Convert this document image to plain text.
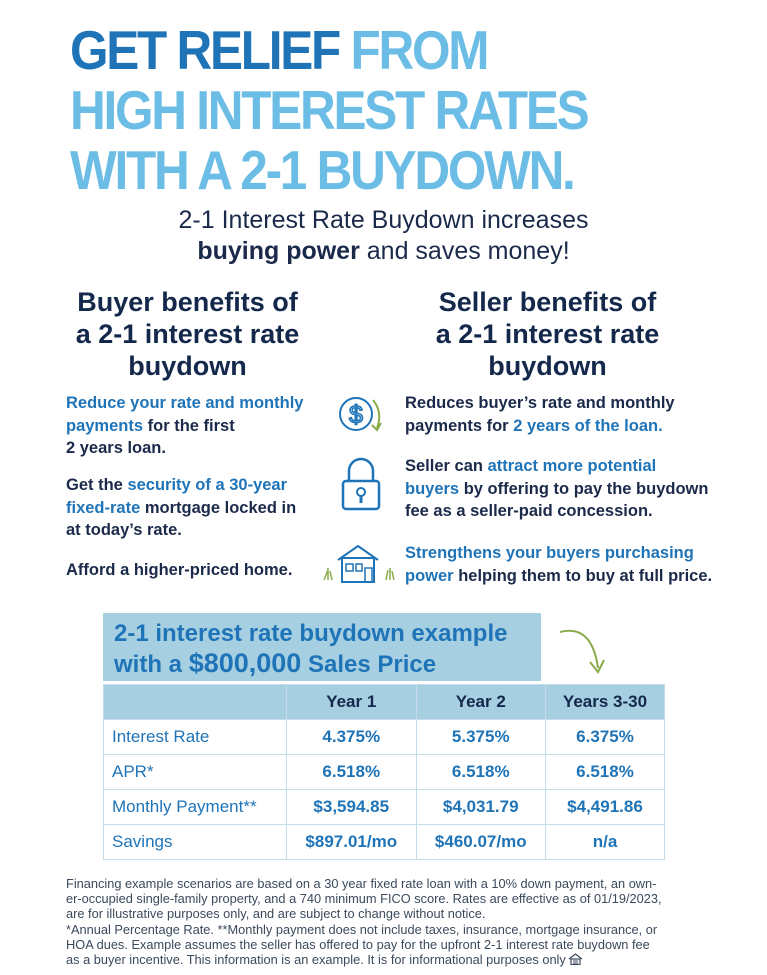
GET RELIEF FROM
HIGH INTEREST RATES
WITH A 2-1 BUYDOWN.
2-1 Interest Rate Buydown increases
buying power and saves money!
Buyer benefits of
a 2-1 interest rate
buydown
Seller benefits of
a 2-1 interest rate
buydown
Reduce your rate and monthly
payments for the first
2 years loan.
Get the security of a 30-year
fixed-rate mortgage locked in
at today’s rate.
Afford a higher-priced home.
$	Reduces buyer’s rate and monthly
payments for 2 years of the loan.
Seller can attract more potential
buyers by offering to pay the buydown
fee as a seller-paid concession.
Strengthens your buyers purchasing
power helping them to buy at full price.
2-1 interest rate buydown example
with a $800,000 Sales Price
	Year 1	Year 2	Years 3-30
Interest Rate	4.375%	5.375%	6.375%
APR*	6.518%	6.518%	6.518%
Monthly Payment**	$3,594.85	$4,031.79	$4,491.86
Savings	$897.01/mo	$460.07/mo	n/a
Financing example scenarios are based on a 30 year fixed rate loan with a 10% down payment, an own-
er-occupied single-family property, and a 740 minimum FICO score. Rates are effective as of 01/19/2023,
are for illustrative purposes only, and are subject to change without notice.
*Annual Percentage Rate. **Monthly payment does not include taxes, insurance, mortgage insurance, or
HOA dues. Example assumes the seller has offered to pay for the upfront 2-1 interest rate buydown fee
as a buyer incentive. This information is an example. It is for informational purposes only
